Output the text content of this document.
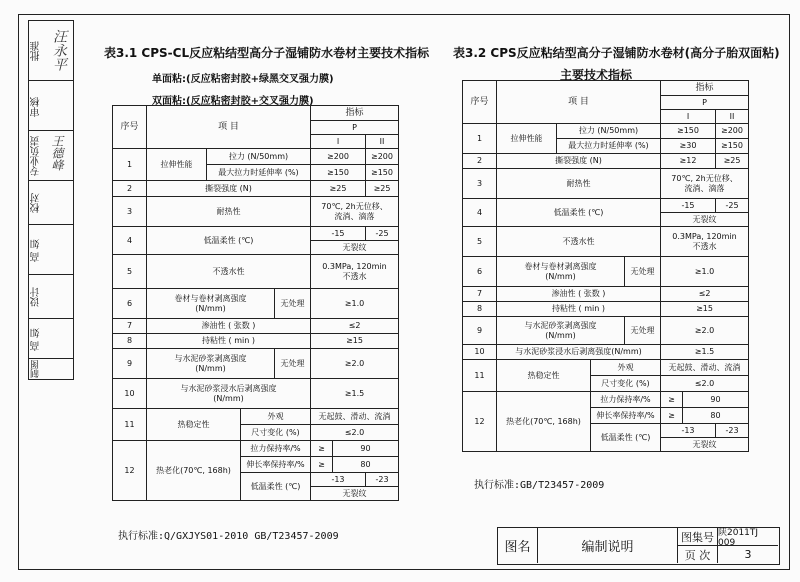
批准 汪永平
审核
专业负责 王德峰
校对
高 如
设计
高 如
制图
表3.1 CPS-CL反应粘结型高分子湿铺防水卷材主要技术指标
单面粘:(反应粘密封胶+绿黑交叉强力膜)
双面粘:(反应粘密封胶+交叉强力膜)
序号	项 目				指标		
					P		
					I		II
1	拉伸性能	拉力 (N/50mm)			≥200		≥200
		最大拉力时延伸率 (%)			≥150		≥150
2	撕裂强度 (N)				≥25		≥25
3	耐热性				70℃, 2h无位移、
流淌、滴落		
4	低温柔性 (℃)				-15		-25
					无裂纹		
5	不透水性				0.3MPa, 120min
不透水		
6	卷材与卷材剥离强度
(N/mm)			无处理	≥1.0		
7	渗油性 ( 张数 )				≤2		
8	持粘性 ( min )				≥15		
9	与水泥砂浆剥离强度
(N/mm)			无处理	≥2.0		
10	与水泥砂浆浸水后剥离强度
(N/mm)				≥1.5		
11	热稳定性		外观		无起鼓、滑动、流淌		
			尺寸变化 (%)		≤2.0		
12	热老化(70℃, 168h)		拉力保持率/%		≥	90	
			伸长率保持率/%		≥	80	
			低温柔性 (℃)		-13		-23
					无裂纹		
执行标准:Q/GXJYS01-2010 GB/T23457-2009
表3.2 CPS反应粘结型高分子湿铺防水卷材(高分子胎双面粘)
主要技术指标
序号	项 目				指标		
					P		
					I		II
1	拉伸性能	拉力 (N/50mm)			≥150		≥200
		最大拉力时延伸率 (%)			≥30		≥150
2	撕裂强度 (N)				≥12		≥25
3	耐热性				70℃, 2h无位移、
流淌、滴落		
4	低温柔性 (℃)				-15		-25
					无裂纹		
5	不透水性				0.3MPa, 120min
不透水		
6	卷材与卷材剥离强度
(N/mm)			无处理	≥1.0		
7	渗油性 ( 张数 )				≤2		
8	持粘性 ( min )				≥15		
9	与水泥砂浆剥离强度
(N/mm)			无处理	≥2.0		
10	与水泥砂浆浸水后剥离强度(N/mm)				≥1.5		
11	热稳定性		外观		无起鼓、滑动、流淌		
			尺寸变化 (%)		≤2.0		
12	热老化(70℃, 168h)		拉力保持率/%		≥	90	
			伸长率保持率/%		≥	80	
			低温柔性 (℃)		-13		-23
					无裂纹		
执行标准:GB/T23457-2009
图名	编制说明
图集号 陕2011TJ 009
页 次	3
